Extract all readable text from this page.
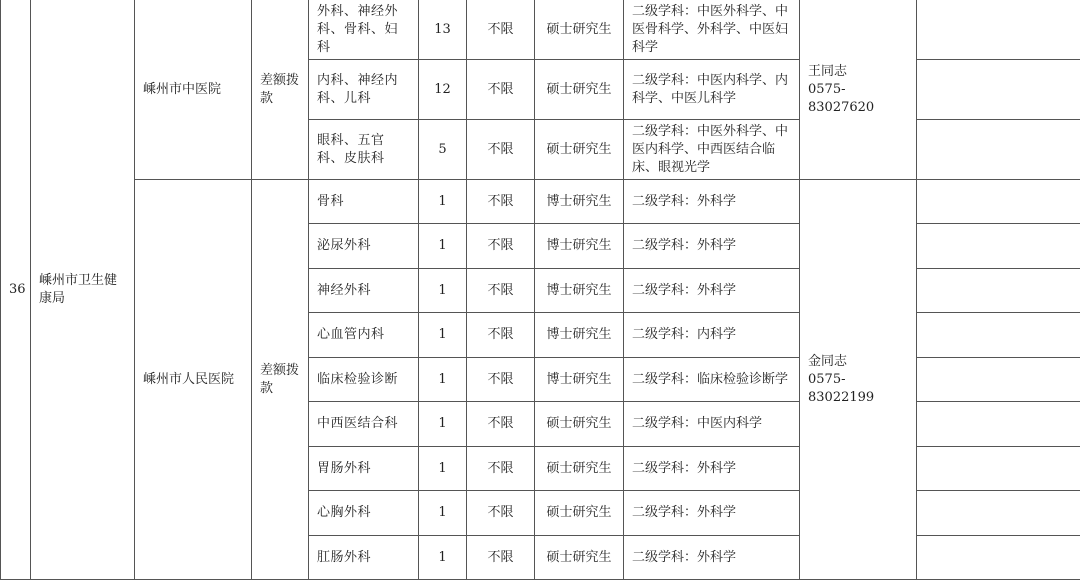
36	嵊州市卫生健康局	嵊州市中医院	差额拨款	外科、神经外科、骨科、妇科	13	不限	硕士研究生	二级学科：中医外科学、中医骨科学、外科学、中医妇科学	王同志
0575-83027620	
				内科、神经内科、儿科	12	不限	硕士研究生	二级学科：中医内科学、内科学、中医儿科学		
				眼科、五官科、皮肤科	5	不限	硕士研究生	二级学科：中医外科学、中医内科学、中西医结合临床、眼视光学		
		嵊州市人民医院	差额拨款	骨科	1	不限	博士研究生	二级学科：外科学	金同志
0575-83022199	
				泌尿外科	1	不限	博士研究生	二级学科：外科学		
				神经外科	1	不限	博士研究生	二级学科：外科学		
				心血管内科	1	不限	博士研究生	二级学科：内科学		
				临床检验诊断	1	不限	博士研究生	二级学科：临床检验诊断学		
				中西医结合科	1	不限	硕士研究生	二级学科：中医内科学		
				胃肠外科	1	不限	硕士研究生	二级学科：外科学		
				心胸外科	1	不限	硕士研究生	二级学科：外科学		
				肛肠外科	1	不限	硕士研究生	二级学科：外科学		
